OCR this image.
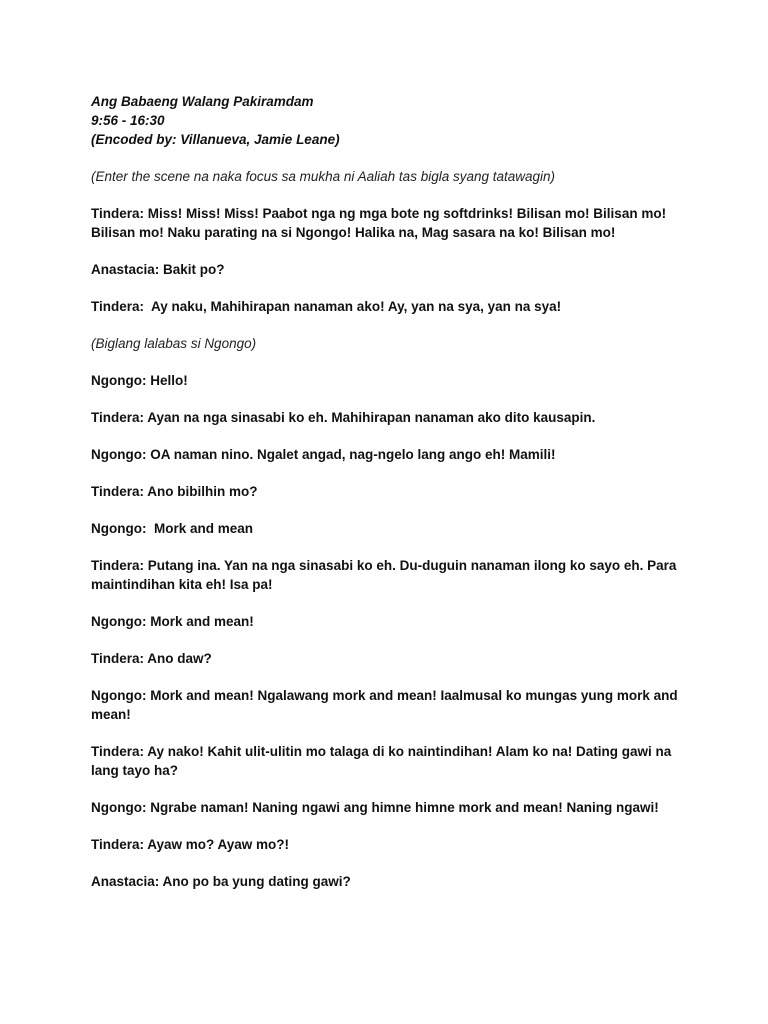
Ang Babaeng Walang Pakiramdam

9:56 - 16:30

(Encoded by: Villanueva, Jamie Leane)

(Enter the scene na naka focus sa mukha ni Aaliah tas bigla syang tatawagin)

Tindera: Miss! Miss! Miss! Paabot nga ng mga bote ng softdrinks! Bilisan mo! Bilisan mo! Bilisan mo! Naku parating na si Ngongo! Halika na, Mag sasara na ko! Bilisan mo!

Anastacia: Bakit po?

Tindera:  Ay naku, Mahihirapan nanaman ako! Ay, yan na sya, yan na sya!

(Biglang lalabas si Ngongo)

Ngongo: Hello!

Tindera: Ayan na nga sinasabi ko eh. Mahihirapan nanaman ako dito kausapin.

Ngongo: OA naman nino. Ngalet angad, nag-ngelo lang ango eh! Mamili!

Tindera: Ano bibilhin mo?

Ngongo:  Mork and mean

Tindera: Putang ina. Yan na nga sinasabi ko eh. Du-duguin nanaman ilong ko sayo eh. Para maintindihan kita eh! Isa pa!

Ngongo: Mork and mean!

Tindera: Ano daw?

Ngongo: Mork and mean! Ngalawang mork and mean! Iaalmusal ko mungas yung mork and mean!

Tindera: Ay nako! Kahit ulit-ulitin mo talaga di ko naintindihan! Alam ko na! Dating gawi na lang tayo ha?

Ngongo: Ngrabe naman! Naning ngawi ang himne himne mork and mean! Naning ngawi!

Tindera: Ayaw mo? Ayaw mo?!

Anastacia: Ano po ba yung dating gawi?
